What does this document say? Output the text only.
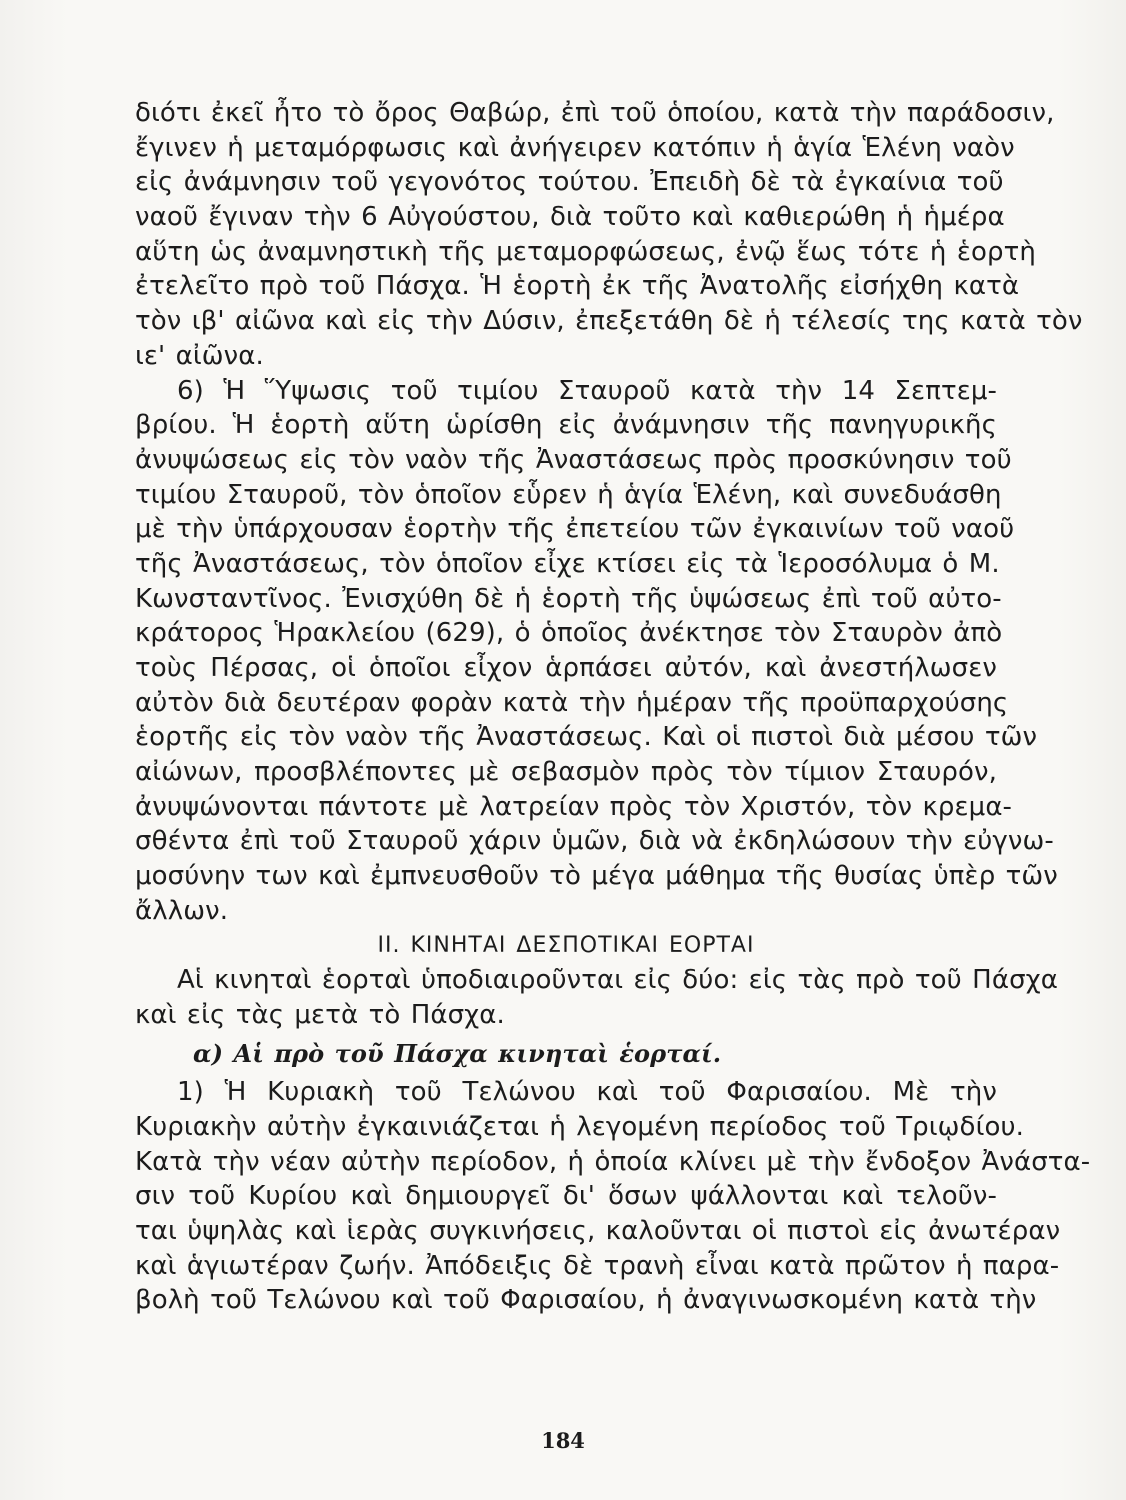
διότι ἐκεῖ ἦτο τὸ ὄρος Θαβώρ, ἐπὶ τοῦ ὁποίου, κατὰ τὴν παράδοσιν,
ἔγινεν ἡ μεταμόρφωσις καὶ ἀνήγειρεν κατόπιν ἡ ἁγία Ἑλένη ναὸν
εἰς ἀνάμνησιν τοῦ γεγονότος τούτου. Ἐπειδὴ δὲ τὰ ἐγκαίνια τοῦ
ναοῦ ἔγιναν τὴν 6 Αὐγούστου, διὰ τοῦτο καὶ καθιερώθη ἡ ἡμέρα
αὕτη ὡς ἀναμνηστικὴ τῆς μεταμορφώσεως, ἐνῷ ἕως τότε ἡ ἑορτὴ
ἐτελεῖτο πρὸ τοῦ Πάσχα. Ἡ ἑορτὴ ἐκ τῆς Ἀνατολῆς εἰσήχθη κατὰ
τὸν ιβ' αἰῶνα καὶ εἰς τὴν Δύσιν, ἐπεξετάθη δὲ ἡ τέλεσίς της κατὰ τὸν
ιε' αἰῶνα.
6) Ἡ Ὕψωσις τοῦ τιμίου Σταυροῦ κατὰ τὴν 14 Σεπτεμ-
βρίου. Ἡ ἑορτὴ αὕτη ὡρίσθη εἰς ἀνάμνησιν τῆς πανηγυρικῆς
ἀνυψώσεως εἰς τὸν ναὸν τῆς Ἀναστάσεως πρὸς προσκύνησιν τοῦ
τιμίου Σταυροῦ, τὸν ὁποῖον εὗρεν ἡ ἁγία Ἑλένη, καὶ συνεδυάσθη
μὲ τὴν ὑπάρχουσαν ἑορτὴν τῆς ἐπετείου τῶν ἐγκαινίων τοῦ ναοῦ
τῆς Ἀναστάσεως, τὸν ὁποῖον εἶχε κτίσει εἰς τὰ Ἱεροσόλυμα ὁ Μ.
Κωνσταντῖνος. Ἐνισχύθη δὲ ἡ ἑορτὴ τῆς ὑψώσεως ἐπὶ τοῦ αὐτο-
κράτορος Ἡρακλείου (629), ὁ ὁποῖος ἀνέκτησε τὸν Σταυρὸν ἀπὸ
τοὺς Πέρσας, οἱ ὁποῖοι εἶχον ἁρπάσει αὐτόν, καὶ ἀνεστήλωσεν
αὐτὸν διὰ δευτέραν φορὰν κατὰ τὴν ἡμέραν τῆς προϋπαρχούσης
ἑορτῆς εἰς τὸν ναὸν τῆς Ἀναστάσεως. Καὶ οἱ πιστοὶ διὰ μέσου τῶν
αἰώνων, προσβλέποντες μὲ σεβασμὸν πρὸς τὸν τίμιον Σταυρόν,
ἀνυψώνονται πάντοτε μὲ λατρείαν πρὸς τὸν Χριστόν, τὸν κρεμα-
σθέντα ἐπὶ τοῦ Σταυροῦ χάριν ὑμῶν, διὰ νὰ ἐκδηλώσουν τὴν εὐγνω-
μοσύνην των καὶ ἐμπνευσθοῦν τὸ μέγα μάθημα τῆς θυσίας ὑπὲρ τῶν
ἄλλων.
ΙΙ. ΚΙΝΗΤΑΙ ΔΕΣΠΟΤΙΚΑΙ ΕΟΡΤΑΙ
Αἱ κινηταὶ ἑορταὶ ὑποδιαιροῦνται εἰς δύο: εἰς τὰς πρὸ τοῦ Πάσχα
καὶ εἰς τὰς μετὰ τὸ Πάσχα.
α) Αἱ πρὸ τοῦ Πάσχα κινηταὶ ἑορταί.
1) Ἡ Κυριακὴ τοῦ Τελώνου καὶ τοῦ Φαρισαίου. Μὲ τὴν
Κυριακὴν αὐτὴν ἐγκαινιάζεται ἡ λεγομένη περίοδος τοῦ Τριῳδίου.
Κατὰ τὴν νέαν αὐτὴν περίοδον, ἡ ὁποία κλίνει μὲ τὴν ἔνδοξον Ἀνάστα-
σιν τοῦ Κυρίου καὶ δημιουργεῖ δι' ὅσων ψάλλονται καὶ τελοῦν-
ται ὑψηλὰς καὶ ἱερὰς συγκινήσεις, καλοῦνται οἱ πιστοὶ εἰς ἀνωτέραν
καὶ ἁγιωτέραν ζωήν. Ἀπόδειξις δὲ τρανὴ εἶναι κατὰ πρῶτον ἡ παρα-
βολὴ τοῦ Τελώνου καὶ τοῦ Φαρισαίου, ἡ ἀναγινωσκομένη κατὰ τὴν
184
